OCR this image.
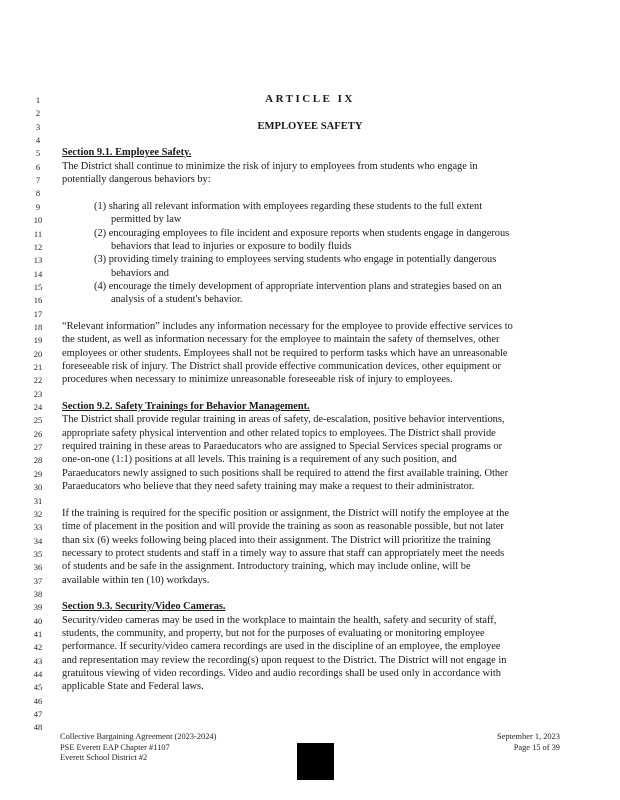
1	ARTICLE IX
2
3	EMPLOYEE SAFETY
4
5	Section 9.1. Employee Safety.
6	The District shall continue to minimize the risk of injury to employees from students who engage in
7	potentially dangerous behaviors by:
8
9	(1) sharing all relevant information with employees regarding these students to the full extent
10	permitted by law
11	(2) encouraging employees to file incident and exposure reports when students engage in dangerous
12	behaviors that lead to injuries or exposure to bodily fluids
13	(3) providing timely training to employees serving students who engage in potentially dangerous
14	behaviors and
15	(4) encourage the timely development of appropriate intervention plans and strategies based on an
16	analysis of a student's behavior.
17
18	“Relevant information” includes any information necessary for the employee to provide effective services to
19	the student, as well as information necessary for the employee to maintain the safety of themselves, other
20	employees or other students. Employees shall not be required to perform tasks which have an unreasonable
21	foreseeable risk of injury. The District shall provide effective communication devices, other equipment or
22	procedures when necessary to minimize unreasonable foreseeable risk of injury to employees.
23
24	Section 9.2. Safety Trainings for Behavior Management.
25	The District shall provide regular training in areas of safety, de-escalation, positive behavior interventions,
26	appropriate safety physical intervention and other related topics to employees. The District shall provide
27	required training in these areas to Paraeducators who are assigned to Special Services special programs or
28	one-on-one (1:1) positions at all levels. This training is a requirement of any such position, and
29	Paraeducators newly assigned to such positions shall be required to attend the first available training. Other
30	Paraeducators who believe that they need safety training may make a request to their administrator.
31
32	If the training is required for the specific position or assignment, the District will notify the employee at the
33	time of placement in the position and will provide the training as soon as reasonable possible, but not later
34	than six (6) weeks following being placed into their assignment. The District will prioritize the training
35	necessary to protect students and staff in a timely way to assure that staff can appropriately meet the needs
36	of students and be safe in the assignment. Introductory training, which may include online, will be
37	available within ten (10) workdays.
38
39	Section 9.3. Security/Video Cameras.
40	Security/video cameras may be used in the workplace to maintain the health, safety and security of staff,
41	students, the community, and property, but not for the purposes of evaluating or monitoring employee
42	performance. If security/video camera recordings are used in the discipline of an employee, the employee
43	and representation may review the recording(s) upon request to the District. The District will not engage in
44	gratuitous viewing of video recordings. Video and audio recordings shall be used only in accordance with
45	applicable State and Federal laws.
46
47
48
Collective Bargaining Agreement (2023-2024)
PSE Everett EAP Chapter #1107
Everett School District #2
September 1, 2023
Page 15 of 39
